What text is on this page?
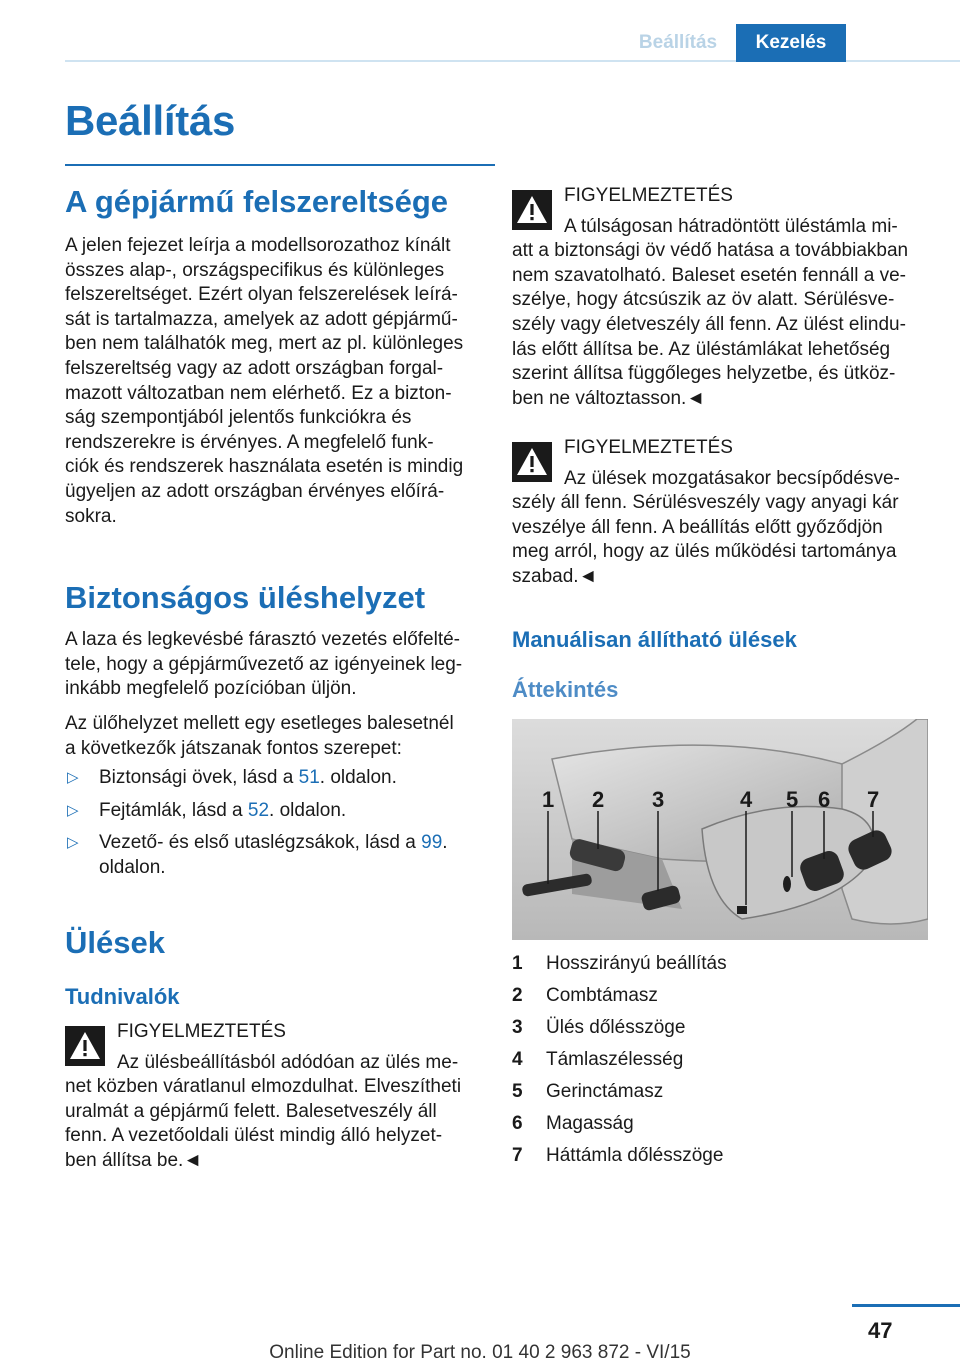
Beállítás	Kezelés
Beállítás
A gépjármű felszereltsége
A jelen fejezet leírja a modellsorozathoz kínált
összes alap-, országspecifikus és különleges
felszereltséget. Ezért olyan felszerelések leírá-
sát is tartalmazza, amelyek az adott gépjármű-
ben nem találhatók meg, mert az pl. különleges
felszereltség vagy az adott országban forgal-
mazott változatban nem elérhető. Ez a bizton-
ság szempontjából jelentős funkciókra és
rendszerekre is érvényes. A megfelelő funk-
ciók és rendszerek használata esetén is mindig
ügyeljen az adott országban érvényes előírá-
sokra.
Biztonságos üléshelyzet
A laza és legkevésbé fárasztó vezetés előfelté-
tele, hogy a gépjárművezető az igényeinek leg-
inkább megfelelő pozícióban üljön.
Az ülőhelyzet mellett egy esetleges balesetnél
a következők játszanak fontos szerepet:
▷ Biztonsági övek, lásd a 51. oldalon.
▷ Fejtámlák, lásd a 52. oldalon.
▷ Vezető- és első utaslégzsákok, lásd a 99.
oldalon.
Ülések
Tudnivalók
FIGYELMEZTETÉS
Az ülésbeállításból adódóan az ülés me-
net közben váratlanul elmozdulhat. Elveszítheti
uralmát a gépjármű felett. Balesetveszély áll
fenn. A vezetőoldali ülést mindig álló helyzet-
ben állítsa be.◄
FIGYELMEZTETÉS
A túlságosan hátradöntött üléstámla mi-
att a biztonsági öv védő hatása a továbbiakban
nem szavatolható. Baleset esetén fennáll a ve-
szélye, hogy átcsúszik az öv alatt. Sérülésve-
szély vagy életveszély áll fenn. Az ülést elindu-
lás előtt állítsa be. Az üléstámlákat lehetőség
szerint állítsa függőleges helyzetbe, és ütköz-
ben ne változtasson.◄
FIGYELMEZTETÉS
Az ülések mozgatásakor becsípődésve-
szély áll fenn. Sérülésveszély vagy anyagi kár
veszélye áll fenn. A beállítás előtt győződjön
meg arról, hogy az ülés működési tartománya
szabad.◄
Manuálisan állítható ülések
Áttekintés
1 2 3	4 5 6 7
1 Hosszirányú beállítás
2 Combtámasz
3 Ülés dőlésszöge
4 Támlaszélesség
5 Gerinctámasz
6 Magasság
7 Háttámla dőlésszöge
47
Online Edition for Part no. 01 40 2 963 872 - VI/15
